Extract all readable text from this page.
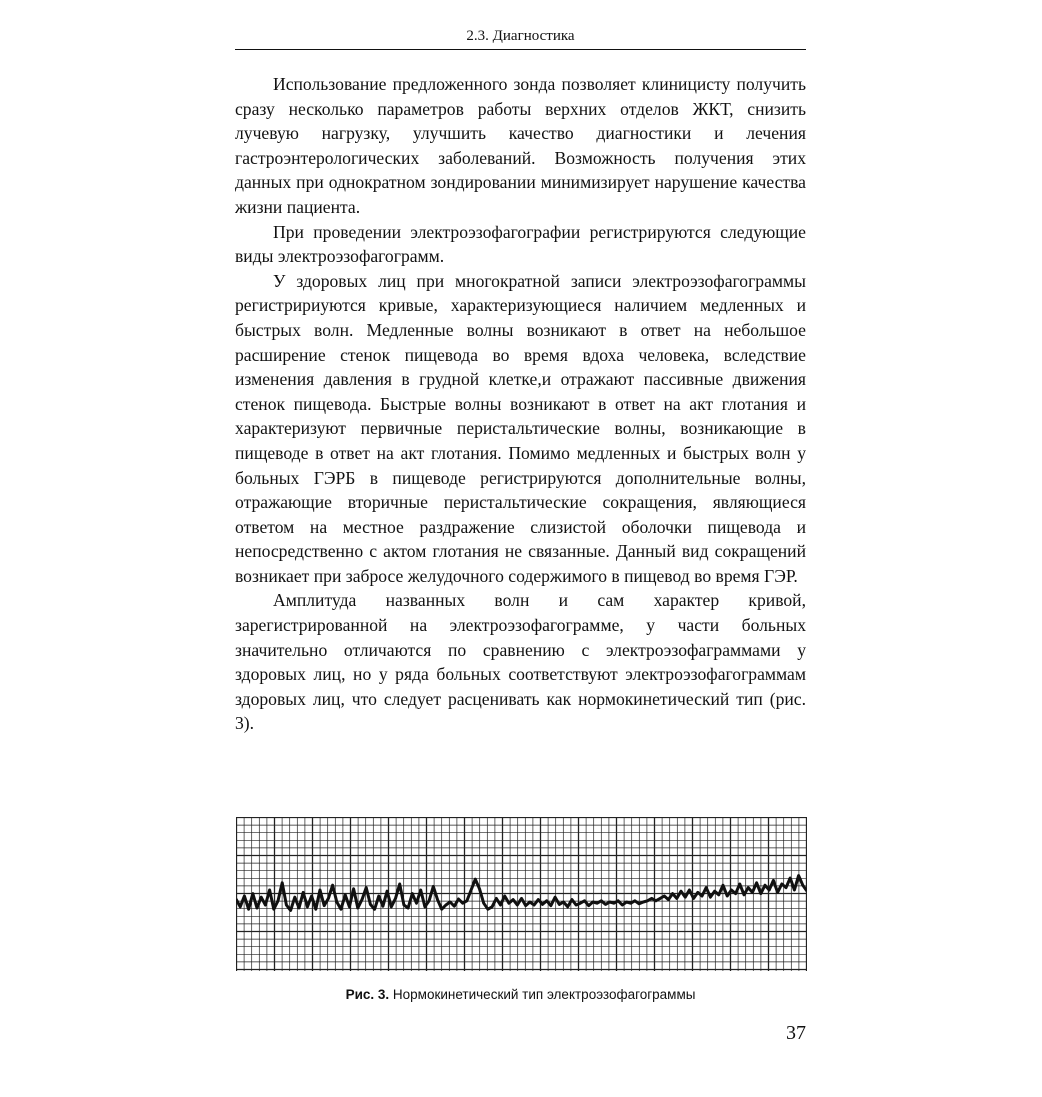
2.3. Диагностика

Использование предложенного зонда позволяет клиницисту получить сразу несколько параметров работы верхних отделов ЖКТ, снизить лучевую нагрузку, улучшить качество диагностики и лечения гастроэнтерологических заболеваний. Возможность получения этих данных при однократном зондировании минимизирует нарушение качества жизни пациента.

При проведении электроэзофагографии регистрируются следующие виды электроэзофагограмм.

У здоровых лиц при многократной записи электроэзофагограммы регистририуются кривые, характеризующиеся наличием медленных и быстрых волн. Медленные волны возникают в ответ на небольшое расширение стенок пищевода во время вдоха человека, вследствие изменения давления в грудной клетке,и отражают пассивные движения стенок пищевода. Быстрые волны возникают в ответ на акт глотания и характеризуют первичные перистальтические волны, возникающие в пищеводе в ответ на акт глотания. Помимо медленных и быстрых волн у больных ГЭРБ в пищеводе регистрируются дополнительные волны, отражающие вторичные перистальтические сокращения, являющиеся ответом на местное раздражение слизистой оболочки пищевода и непосредственно с актом глотания не связанные. Данный вид сокращений возникает при забросе желудочного содержимого в пищевод во время ГЭР.

Амплитуда названных волн и сам характер кривой, зарегистрированной на электроэзофагограмме, у части больных значительно отличаются по сравнению с электроэзофаграммами у здоровых лиц, но у ряда больных соответствуют электроэзофагограммам здоровых лиц, что следует расценивать как нормокинетический тип (рис. 3).

Рис. 3. Нормокинетический тип электроэзофагограммы
37
